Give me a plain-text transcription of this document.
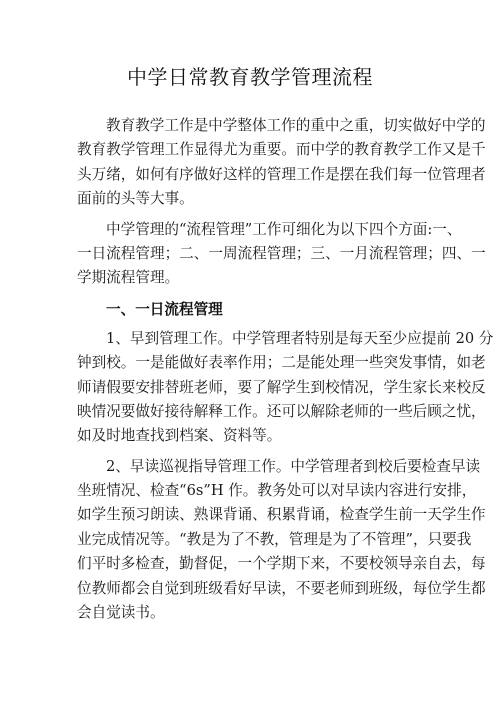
中学日常教育教学管理流程
教育教学工作是中学整体工作的重中之重，切实做好中学的
教育教学管理工作显得尤为重要。而中学的教育教学工作又是千
头万绪，如何有序做好这样的管理工作是摆在我们每一位管理者
面前的头等大事。
中学管理的“流程管理”工作可细化为以下四个方面:一、
一日流程管理；二、一周流程管理；三、一月流程管理；四、一
学期流程管理。
一、一日流程管理
1、早到管理工作。中学管理者特别是每天至少应提前 20 分
钟到校。一是能做好表率作用；二是能处理一些突发事情，如老
师请假要安排替班老师，要了解学生到校情况，学生家长来校反
映情况要做好接待解释工作。还可以解除老师的一些后顾之忧，
如及时地查找到档案、资料等。
2、早读巡视指导管理工作。中学管理者到校后要检查早读
坐班情况、检查“6s”H 作。教务处可以对早读内容进行安排，
如学生预习朗读、熟课背诵、积累背诵，检查学生前一天学生作
业完成情况等。“教是为了不教，管理是为了不管理”，只要我
们平时多检查，勤督促，一个学期下来，不要校领导亲自去，每
位教师都会自觉到班级看好早读，不要老师到班级，每位学生都
会自觉读书。
